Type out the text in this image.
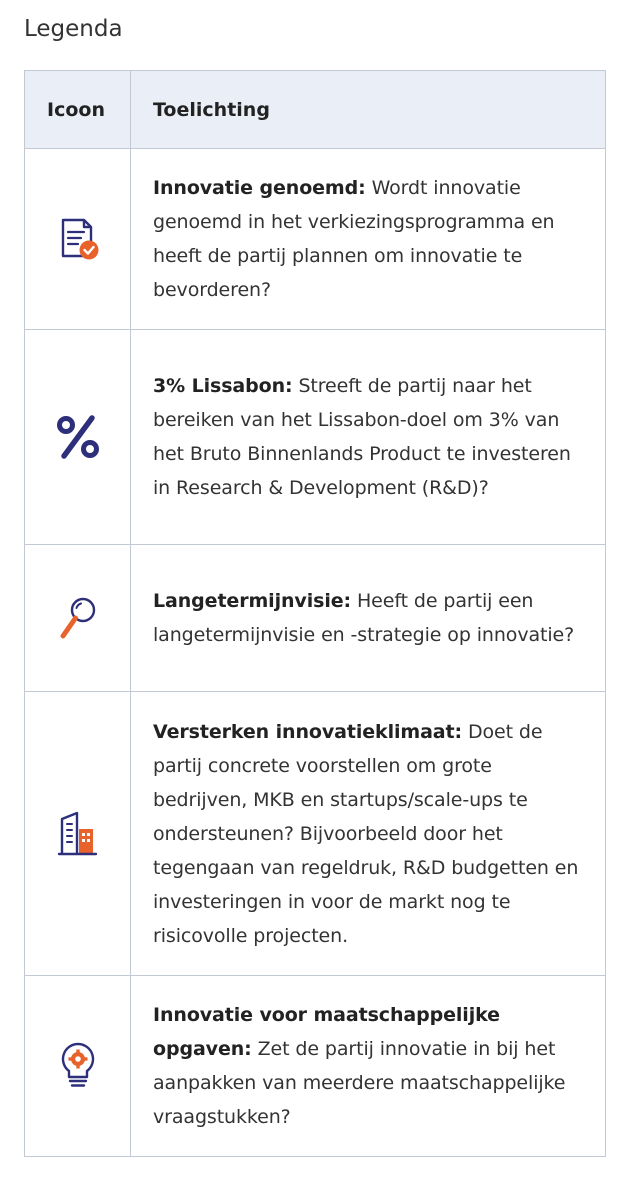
Legenda
Icoon	Toelichting
	Innovatie genoemd: Wordt innovatie genoemd in het verkiezingsprogramma en heeft de partij plannen om innovatie te bevorderen?
	3% Lissabon: Streeft de partij naar het bereiken van het Lissabon-doel om 3% van het Bruto Binnenlands Product te investeren in Research & Development (R&D)?
	Langetermijnvisie: Heeft de partij een langetermijnvisie en -strategie op innovatie?
	Versterken innovatieklimaat: Doet de partij concrete voorstellen om grote bedrijven, MKB en startups/scale-ups te ondersteunen? Bijvoorbeeld door het tegengaan van regeldruk, R&D budgetten en investeringen in voor de markt nog te risicovolle projecten.
	Innovatie voor maatschappelijke opgaven: Zet de partij innovatie in bij het aanpakken van meerdere maatschappelijke vraagstukken?
